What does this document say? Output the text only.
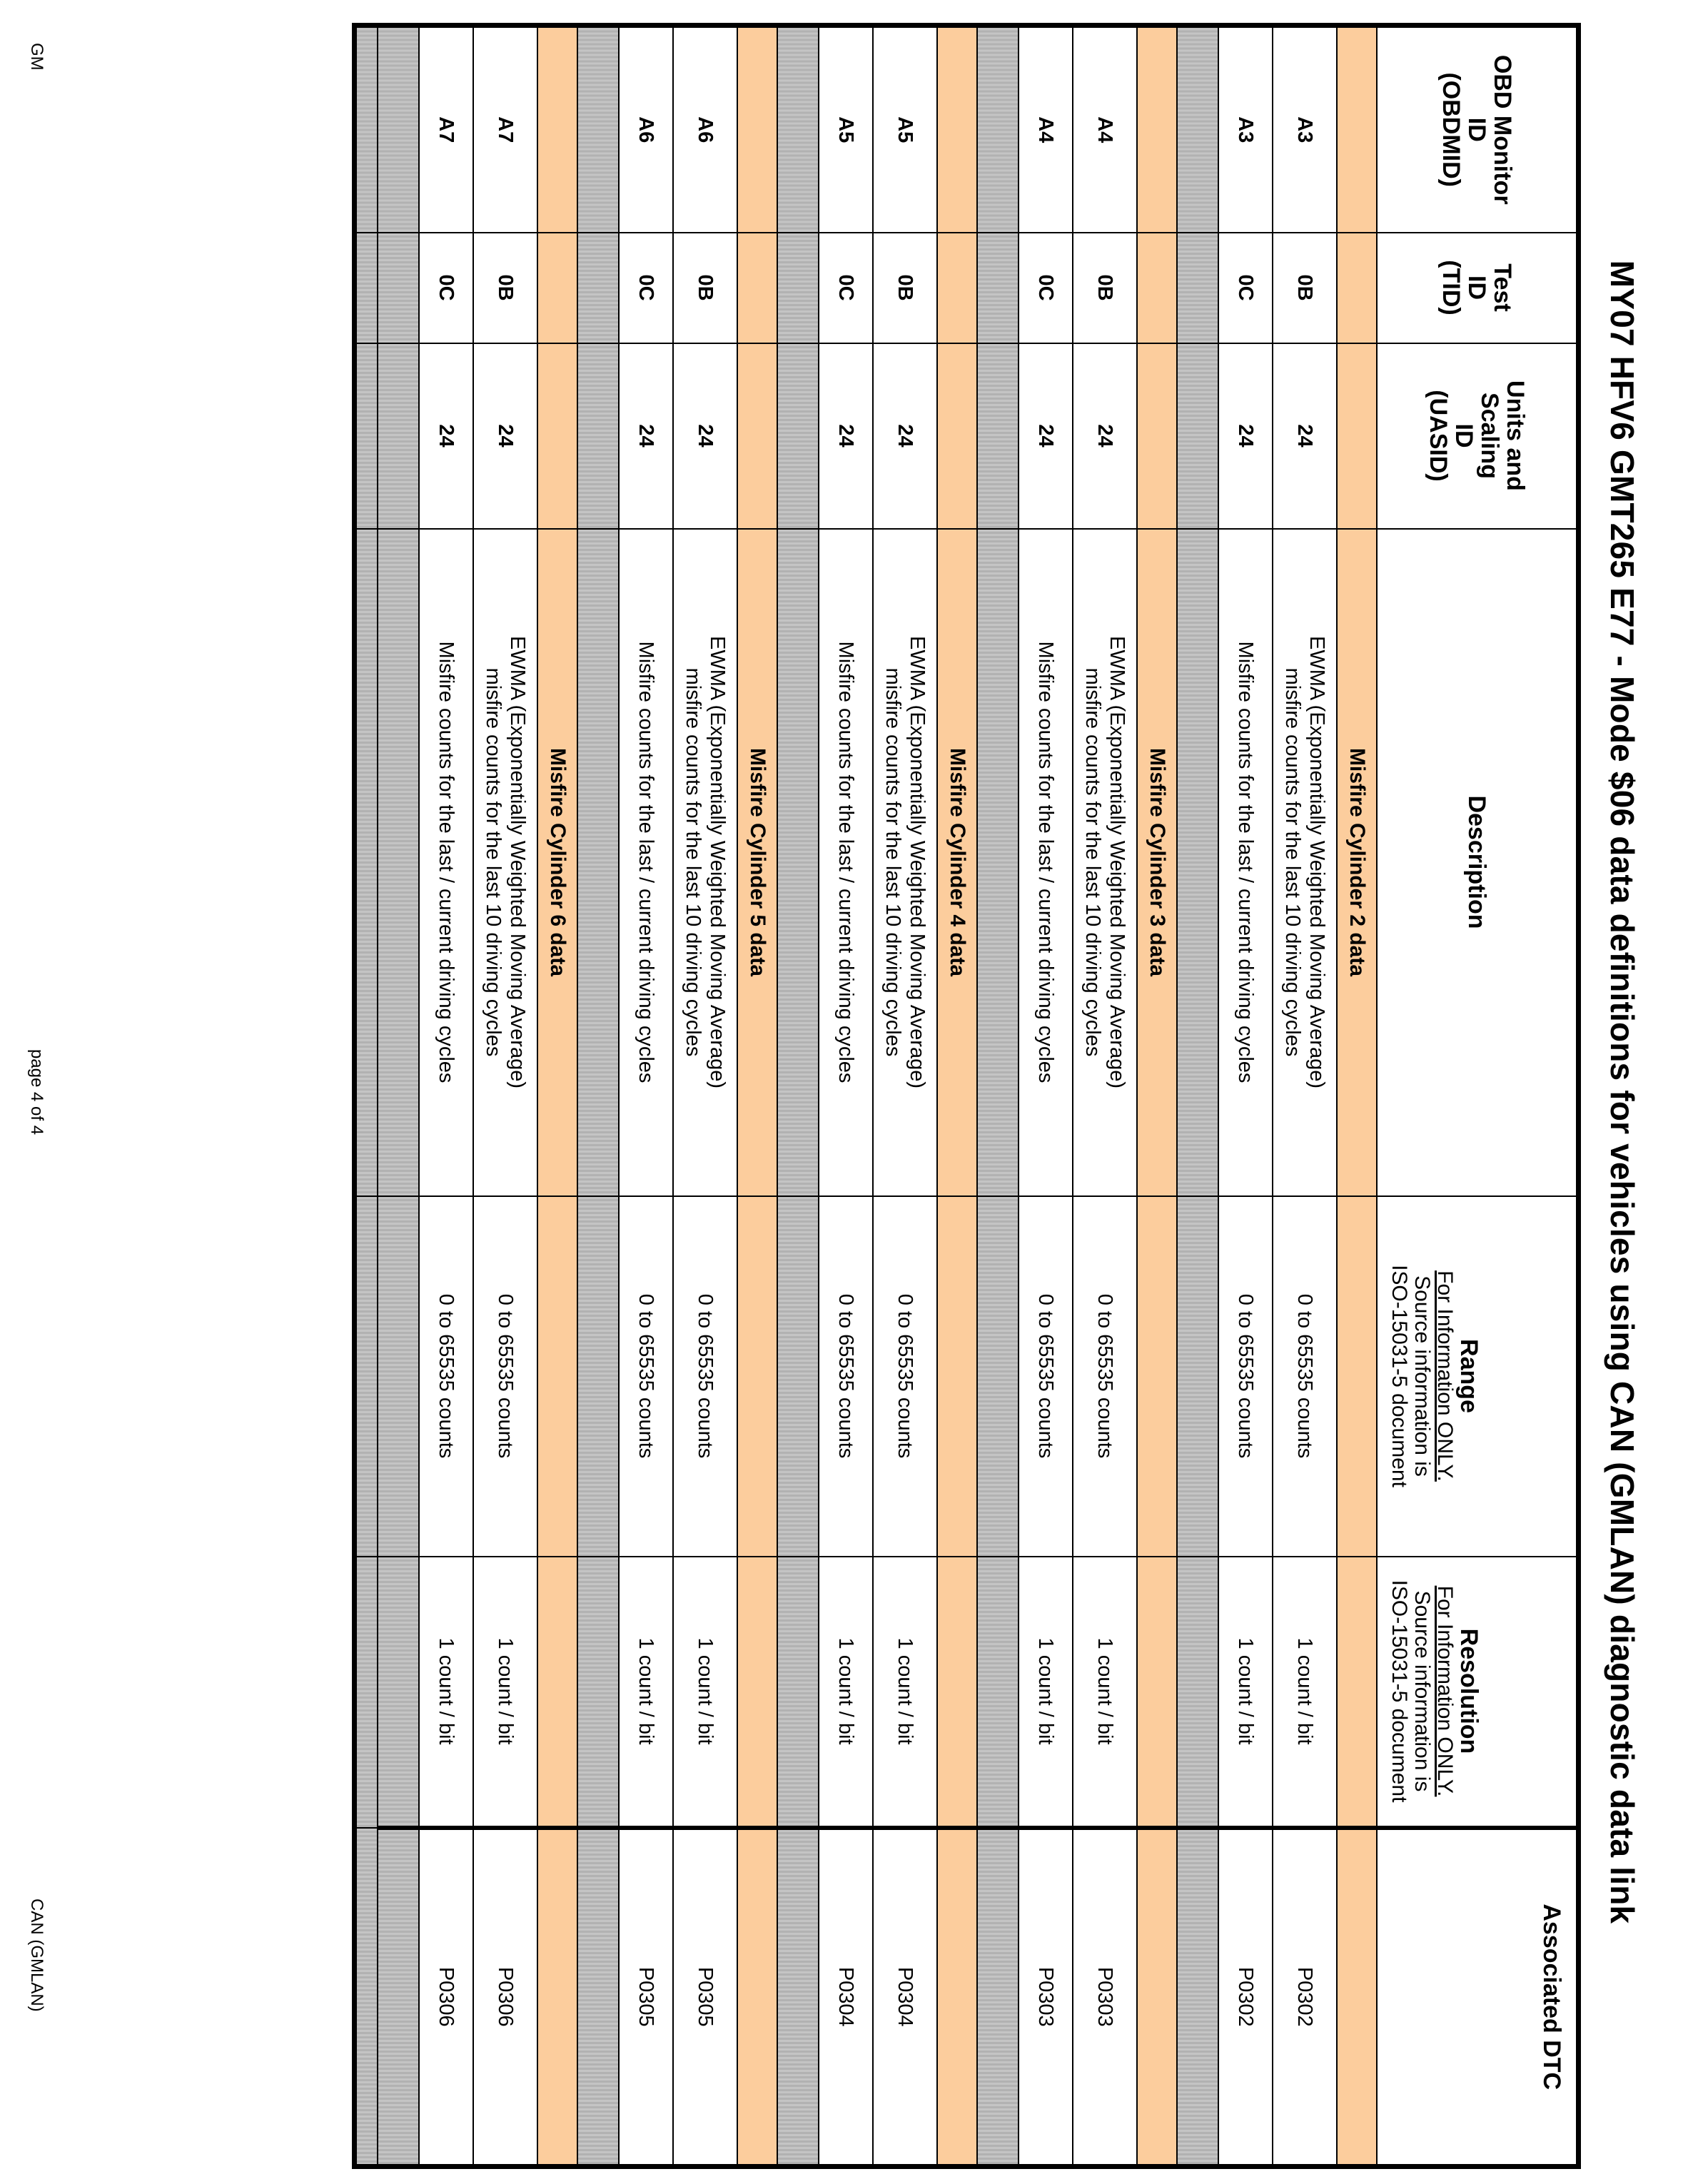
MY07 HFV6 GMT265 E77 - Mode $06 data definitions for vehicles using CAN (GMLAN) diagnostic data link
OBD Monitor
ID
(OBDMID)	Test
ID
(TID)	Units and Scaling
ID
(UASID)	Description	Range
For Information ONLY.
Source information is
ISO-15031-5 document	Resolution
For Information ONLY.
Source information is
ISO-15031-5 document	Associated DTC
			Misfire Cylinder 2 data			
A3	0B	24	EWMA (Exponentially Weighted Moving Average)
misfire counts for the last 10 driving cycles	0 to 65535 counts	1 count / bit	P0302
A3	0C	24	Misfire counts for the last / current driving cycles	0 to 65535 counts	1 count / bit	P0302

			Misfire Cylinder 3 data			
A4	0B	24	EWMA (Exponentially Weighted Moving Average)
misfire counts for the last 10 driving cycles	0 to 65535 counts	1 count / bit	P0303
A4	0C	24	Misfire counts for the last / current driving cycles	0 to 65535 counts	1 count / bit	P0303

			Misfire Cylinder 4 data			
A5	0B	24	EWMA (Exponentially Weighted Moving Average)
misfire counts for the last 10 driving cycles	0 to 65535 counts	1 count / bit	P0304
A5	0C	24	Misfire counts for the last / current driving cycles	0 to 65535 counts	1 count / bit	P0304

			Misfire Cylinder 5 data			
A6	0B	24	EWMA (Exponentially Weighted Moving Average)
misfire counts for the last 10 driving cycles	0 to 65535 counts	1 count / bit	P0305
A6	0C	24	Misfire counts for the last / current driving cycles	0 to 65535 counts	1 count / bit	P0305

			Misfire Cylinder 6 data			
A7	0B	24	EWMA (Exponentially Weighted Moving Average)
misfire counts for the last 10 driving cycles	0 to 65535 counts	1 count / bit	P0306
A7	0C	24	Misfire counts for the last / current driving cycles	0 to 65535 counts	1 count / bit	P0306

GM
page 4 of 4
CAN (GMLAN)
